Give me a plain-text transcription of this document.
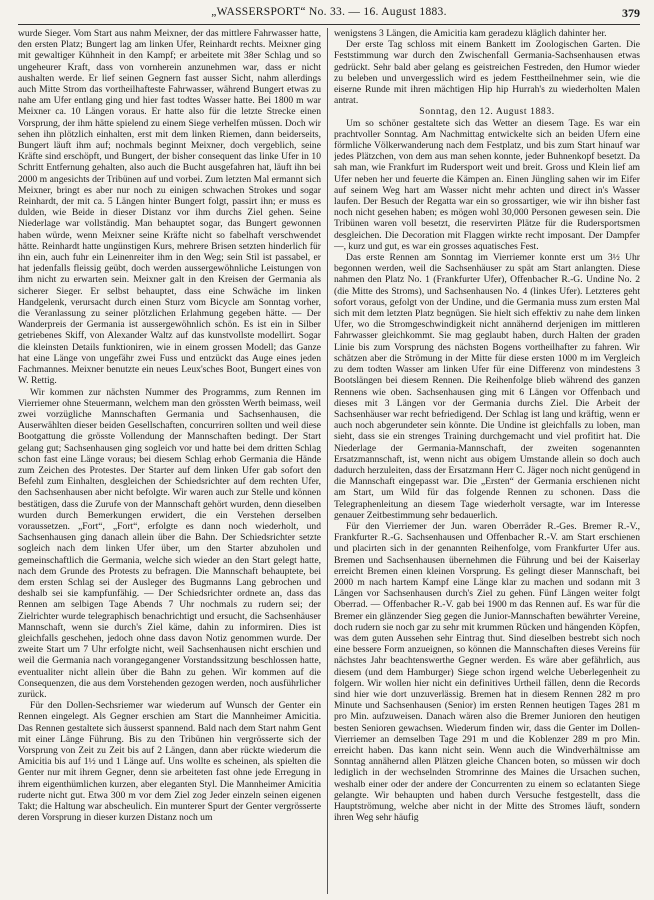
„WASSERSPORT“ No. 33. — 16. August 1883.	379

wurde Sieger. Vom Start aus nahm Meixner, der das mittlere Fahrwasser hatte, den ersten Platz; Bungert lag am linken Ufer, Reinhardt rechts. Meixner ging mit gewaltiger Kühnheit in den Kampf; er arbeitete mit 38er Schlag und so ungeheurer Kraft, dass von vornherein anzunehmen war, dass er nicht aushalten werde. Er lief seinen Gegnern fast ausser Sicht, nahm allerdings auch Mitte Strom das vortheilhafteste Fahrwasser, während Bungert etwas zu nahe am Ufer entlang ging und hier fast todtes Wasser hatte. Bei 1800 m war Meixner ca. 10 Längen voraus. Er hatte also für die letzte Strecke einen Vorsprung, der ihm hätte spielend zu einem Siege verhelfen müssen. Doch wir sehen ihn plötzlich einhalten, erst mit dem linken Riemen, dann beiderseits, Bungert läuft ihm auf; nochmals beginnt Meixner, doch vergeblich, seine Kräfte sind erschöpft, und Bungert, der bisher consequent das linke Ufer in 10 Schritt Entfernung gehalten, also auch die Bucht ausgefahren hat, läuft ihn bei 2000 m angesichts der Tribünen auf und vorbei. Zum letzten Mal ermannt sich Meixner, bringt es aber nur noch zu einigen schwachen Strokes und sogar Reinhardt, der mit ca. 5 Längen hinter Bungert folgt, passirt ihn; er muss es dulden, wie Beide in dieser Distanz vor ihm durchs Ziel gehen. Seine Niederlage war vollständig. Man behauptet sogar, das Bungert gewonnen haben würde, wenn Meixner seine Kräfte nicht so fabelhaft verschwendet hätte. Reinhardt hatte ungünstigen Kurs, mehrere Brisen setzten hinderlich für ihn ein, auch fuhr ein Leinenreiter ihm in den Weg; sein Stil ist passabel, er hat jedenfalls fleissig geübt, doch werden aussergewöhnliche Leistungen von ihm nicht zu erwarten sein. Meixner galt in den Kreisen der Germania als sicherer Sieger. Er selbst behauptet, dass eine Schwäche im linken Handgelenk, verursacht durch einen Sturz vom Bicycle am Sonntag vorher, die Veranlassung zu seiner plötzlichen Erlahmung gegeben hätte. — Der Wanderpreis der Germania ist aussergewöhnlich schön. Es ist ein in Silber getriebenes Skiff, von Alexander Waltz auf das kunstvollste modellirt. Sogar die kleinsten Details funktioniren, wie in einem grossen Modell; das Ganze hat eine Länge von ungefähr zwei Fuss und entzückt das Auge eines jeden Fachmannes. Meixner benutzte ein neues Leux'sches Boot, Bungert eines von W. Rettig.

Wir kommen zur nächsten Nummer des Programms, zum Rennen im Vierriemer ohne Steuermann, welchem man den grössten Werth beimass, weil zwei vorzügliche Mannschaften Germania und Sachsenhausen, die Auserwählten dieser beiden Gesellschaften, concurriren sollten und weil diese Bootgattung die grösste Vollendung der Mannschaften bedingt. Der Start gelang gut; Sachsenhausen ging sogleich vor und hatte bei dem dritten Schlag schon fast eine Länge voraus; bei diesem Schlag erhob Germania die Hände zum Zeichen des Protestes. Der Starter auf dem linken Ufer gab sofort den Befehl zum Einhalten, desgleichen der Schiedsrichter auf dem rechten Ufer, den Sachsenhausen aber nicht befolgte. Wir waren auch zur Stelle und können bestätigen, dass die Zurufe von der Mannschaft gehört wurden, denn dieselben wurden durch Bemerkungen erwidert, die ein Verstehen derselben voraussetzen. „Fort“, „Fort“, erfolgte es dann noch wiederholt, und Sachsenhausen ging danach allein über die Bahn. Der Schiedsrichter setzte sogleich nach dem linken Ufer über, um den Starter abzuholen und gemeinschaftlich die Germania, welche sich wieder an den Start gelegt hatte, nach dem Grunde des Protests zu befragen. Die Mannschaft behauptete, bei dem ersten Schlag sei der Ausleger des Bugmanns Lang gebrochen und deshalb sei sie kampfunfähig. — Der Schiedsrichter ordnete an, dass das Rennen am selbigen Tage Abends 7 Uhr nochmals zu rudern sei; der Zielrichter wurde telegraphisch benachrichtigt und ersucht, die Sachsenhäuser Mannschaft, wenn sie durch's Ziel käme, dahin zu informiren. Dies ist gleichfalls geschehen, jedoch ohne dass davon Notiz genommen wurde. Der zweite Start um 7 Uhr erfolgte nicht, weil Sachsenhausen nicht erschien und weil die Germania nach vorangegangener Vorstandssitzung beschlossen hatte, eventualiter nicht allein über die Bahn zu gehen. Wir kommen auf die Consequenzen, die aus dem Vorstehenden gezogen werden, noch ausführlicher zurück.

Für den Dollen-Sechsriemer war wiederum auf Wunsch der Genter ein Rennen eingelegt. Als Gegner erschien am Start die Mannheimer Amicitia. Das Rennen gestaltete sich äusserst spannend. Bald nach dem Start nahm Gent mit einer Länge Führung. Bis zu den Tribünen hin vergrösserte sich der Vorsprung von Zeit zu Zeit bis auf 2 Längen, dann aber rückte wiederum die Amicitia bis auf 1½ und 1 Länge auf. Uns wollte es scheinen, als spielten die Genter nur mit ihrem Gegner, denn sie arbeiteten fast ohne jede Erregung in ihrem eigenthümlichen kurzen, aber eleganten Styl. Die Mannheimer Amicitia ruderte nicht gut. Etwa 300 m vor dem Ziel zog Jeder einzeln seinen eigenen Takt; die Haltung war abscheulich. Ein munterer Spurt der Genter vergrösserte deren Vorsprung in dieser kurzen Distanz noch um

wenigstens 3 Längen, die Amicitia kam geradezu kläglich dahinter her.

Der erste Tag schloss mit einem Bankett im Zoologischen Garten. Die Feststimmung war durch den Zwischenfall Germania-Sachsenhausen etwas gedrückt. Sehr bald aber gelang es geistreichen Festreden, den Humor wieder zu beleben und unvergesslich wird es jedem Festtheilnehmer sein, wie die eiserne Runde mit ihren mächtigen Hip hip Hurrah's zu wiederholten Malen antrat.

Sonntag, den 12. August 1883.

Um so schöner gestaltete sich das Wetter an diesem Tage. Es war ein prachtvoller Sonntag. Am Nachmittag entwickelte sich an beiden Ufern eine förmliche Völkerwanderung nach dem Festplatz, und bis zum Start hinauf war jedes Plätzchen, von dem aus man sehen konnte, jeder Buhnenkopf besetzt. Da sah man, wie Frankfurt im Rudersport weit und breit. Gross und Klein lief am Ufer neben her und feuerte die Kämpen an. Einen Jüngling sahen wir im Eifer auf seinem Weg hart am Wasser nicht mehr achten und direct in's Wasser laufen. Der Besuch der Regatta war ein so grossartiger, wie wir ihn bisher fast noch nicht gesehen haben; es mögen wohl 30,000 Personen gewesen sein. Die Tribünen waren voll besetzt, die reservirten Plätze für die Rudersportsmen desgleichen. Die Decoration mit Flaggen wirkte recht imposant. Der Dampfer —, kurz und gut, es war ein grosses aquatisches Fest.

Das erste Rennen am Sonntag im Vierriemer konnte erst um 3½ Uhr begonnen werden, weil die Sachsenhäuser zu spät am Start anlangten. Diese nahmen den Platz No. 1 (Frankfurter Ufer), Offenbacher R.-G. Undine No. 2 (die Mitte des Stroms), und Sachsenhausen No. 4 (linkes Ufer). Letzteres geht sofort voraus, gefolgt von der Undine, und die Germania muss zum ersten Mal sich mit dem letzten Platz begnügen. Sie hielt sich effektiv zu nahe dem linken Ufer, wo die Stromgeschwindigkeit nicht annähernd derjenigen im mittleren Fahrwasser gleichkommt. Sie mag geglaubt haben, durch Halten der graden Linie bis zum Vorsprung des nächsten Bogens vortheilhafter zu fahren. Wir schätzen aber die Strömung in der Mitte für diese ersten 1000 m im Vergleich zu dem todten Wasser am linken Ufer für eine Differenz von mindestens 3 Bootslängen bei diesem Rennen. Die Reihenfolge blieb während des ganzen Rennens wie oben. Sachsenhausen ging mit 6 Längen vor Offenbach und dieses mit 3 Längen vor der Germania durchs Ziel. Die Arbeit der Sachsenhäuser war recht befriedigend. Der Schlag ist lang und kräftig, wenn er auch noch abgerundeter sein könnte. Die Undine ist gleichfalls zu loben, man sieht, dass sie ein strenges Training durchgemacht und viel profitirt hat. Die Niederlage der Germania-Mannschaft, der zweiten sogenannten Ersatzmannschaft, ist, wenn nicht aus obigem Umstande allein so doch auch dadurch herzuleiten, dass der Ersatzmann Herr C. Jäger noch nicht genügend in die Mannschaft eingepasst war. Die „Ersten“ der Germania erschienen nicht am Start, um Wild für das folgende Rennen zu schonen. Dass die Telegraphenleitung an diesem Tage wiederholt versagte, war im Interesse genauer Zeitbestimmung sehr bedauerlich.

Für den Vierriemer der Jun. waren Oberräder R.-Ges. Bremer R.-V., Frankfurter R.-G. Sachsenhausen und Offenbacher R.-V. am Start erschienen und placirten sich in der genannten Reihenfolge, vom Frankfurter Ufer aus. Bremen und Sachsenhausen übernehmen die Führung und bei der Kaiserlay erreicht Bremen einen kleinen Vorsprung. Es gelingt dieser Mannschaft, bei 2000 m nach hartem Kampf eine Länge klar zu machen und sodann mit 3 Längen vor Sachsenhausen durch's Ziel zu gehen. Fünf Längen weiter folgt Oberrad. — Offenbacher R.-V. gab bei 1900 m das Rennen auf. Es war für die Bremer ein glänzender Sieg gegen die Junior-Mannschaften bewährter Vereine, doch rudern sie noch gar zu sehr mit krummen Rücken und hängenden Köpfen, was dem guten Aussehen sehr Eintrag thut. Sind dieselben bestrebt sich noch eine bessere Form anzueignen, so können die Mannschaften dieses Vereins für nächstes Jahr beachtenswerthe Gegner werden. Es wäre aber gefährlich, aus diesem (und dem Hamburger) Siege schon irgend welche Ueberlegenheit zu folgern. Wir wollen hier nicht ein definitives Urtheil fällen, denn die Records sind hier wie dort unzuverlässig. Bremen hat in diesem Rennen 282 m pro Minute und Sachsenhausen (Senior) im ersten Rennen heutigen Tages 281 m pro Min. aufzuweisen. Danach wären also die Bremer Junioren den heutigen besten Senioren gewachsen. Wiederum finden wir, dass die Genter im Dollen-Vierriemer an demselben Tage 291 m und die Koblenzer 289 m pro Min. erreicht haben. Das kann nicht sein. Wenn auch die Windverhältnisse am Sonntag annähernd allen Plätzen gleiche Chancen boten, so müssen wir doch lediglich in der wechselnden Stromrinne des Maines die Ursachen suchen, weshalb einer oder der andere der Concurrenten zu einem so eclatanten Siege gelangte. Wir behaupten und haben durch Versuche festgestellt, dass die Hauptströmung, welche aber nicht in der Mitte des Stromes läuft, sondern ihren Weg sehr häufig
